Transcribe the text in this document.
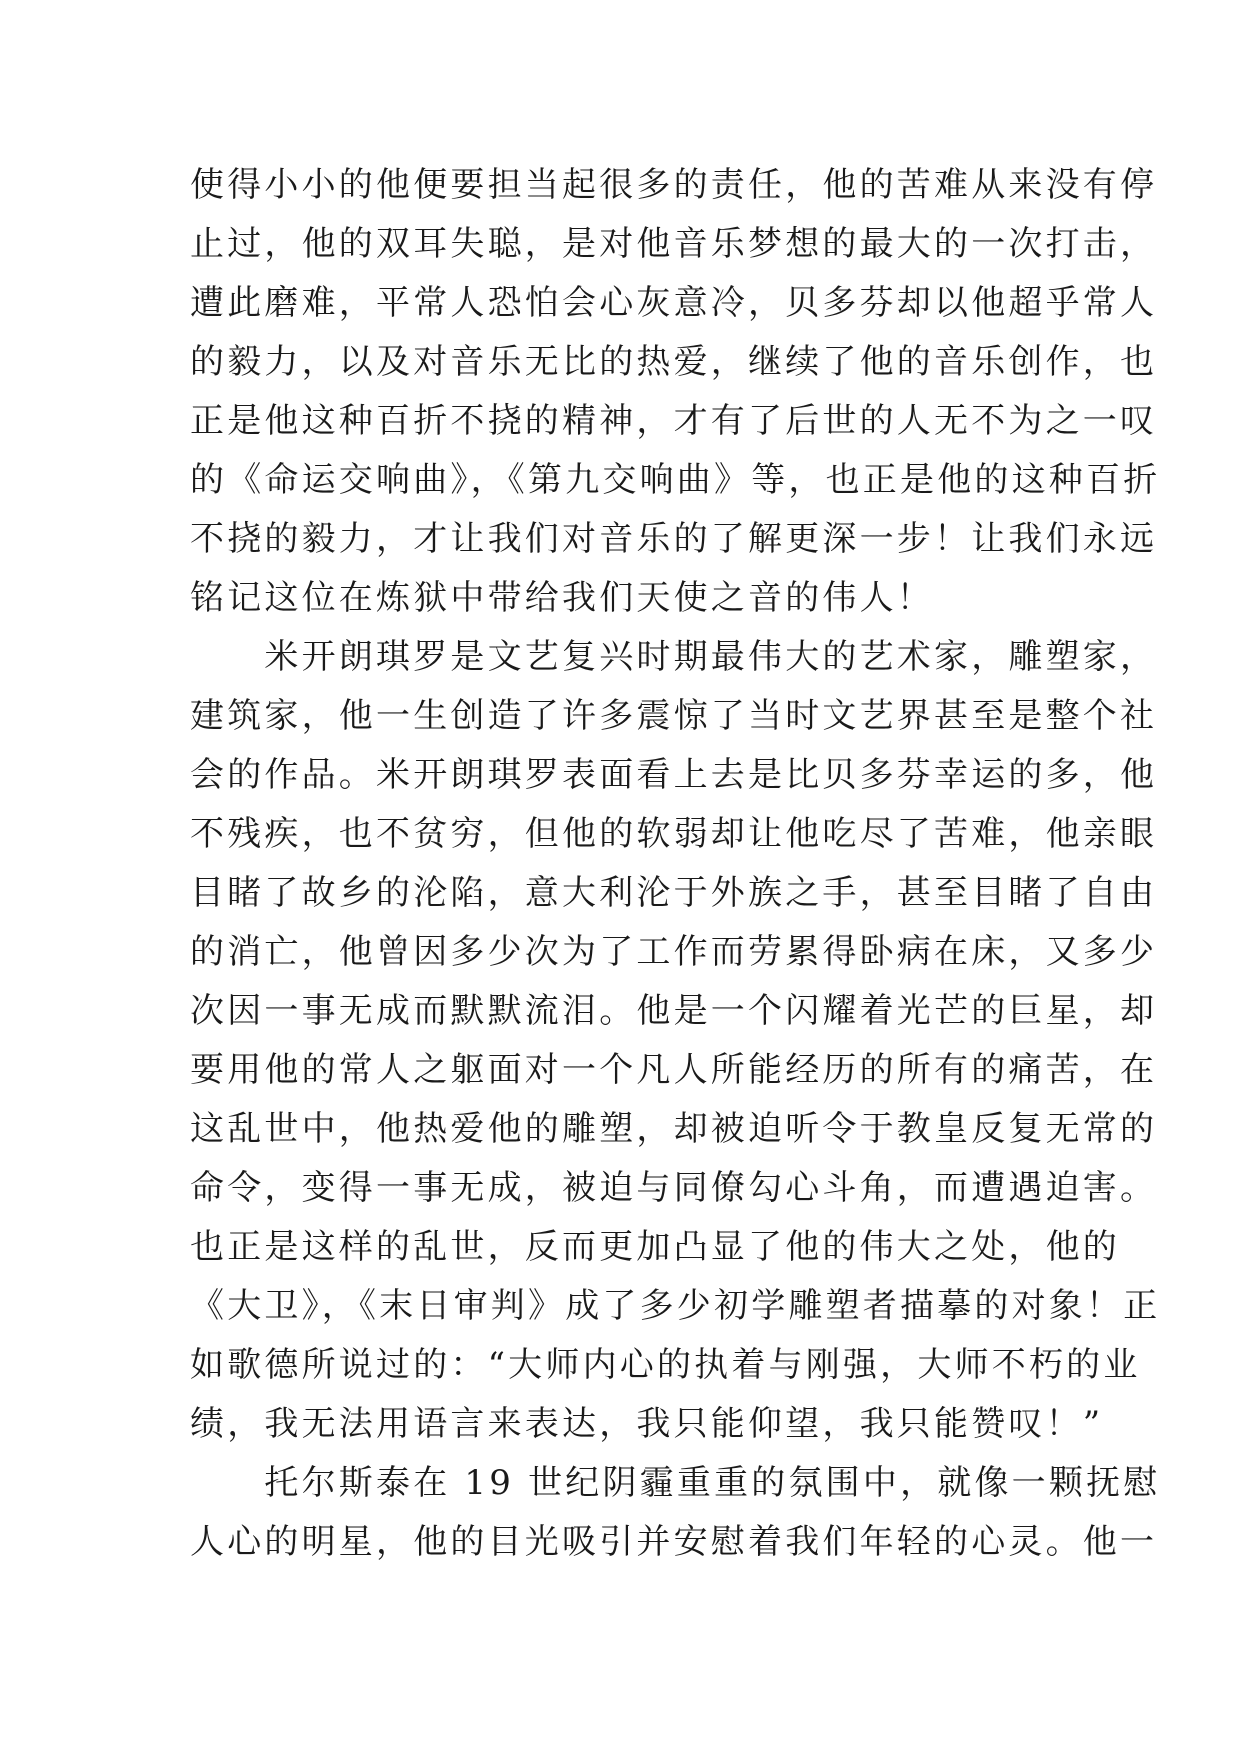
使得小小的他便要担当起很多的责任，他的苦难从来没有停
止过，他的双耳失聪，是对他音乐梦想的最大的一次打击，
遭此磨难，平常人恐怕会心灰意冷，贝多芬却以他超乎常人
的毅力，以及对音乐无比的热爱，继续了他的音乐创作，也
正是他这种百折不挠的精神，才有了后世的人无不为之一叹
的《命运交响曲》，《第九交响曲》等，也正是他的这种百折
不挠的毅力，才让我们对音乐的了解更深一步！让我们永远
铭记这位在炼狱中带给我们天使之音的伟人！
　　米开朗琪罗是文艺复兴时期最伟大的艺术家，雕塑家，
建筑家，他一生创造了许多震惊了当时文艺界甚至是整个社
会的作品。米开朗琪罗表面看上去是比贝多芬幸运的多，他
不残疾，也不贫穷，但他的软弱却让他吃尽了苦难，他亲眼
目睹了故乡的沦陷，意大利沦于外族之手，甚至目睹了自由
的消亡，他曾因多少次为了工作而劳累得卧病在床，又多少
次因一事无成而默默流泪。他是一个闪耀着光芒的巨星，却
要用他的常人之躯面对一个凡人所能经历的所有的痛苦，在
这乱世中，他热爱他的雕塑，却被迫听令于教皇反复无常的
命令，变得一事无成，被迫与同僚勾心斗角，而遭遇迫害。
也正是这样的乱世，反而更加凸显了他的伟大之处，他的
《大卫》，《末日审判》成了多少初学雕塑者描摹的对象！正
如歌德所说过的：“大师内心的执着与刚强，大师不朽的业
绩，我无法用语言来表达，我只能仰望，我只能赞叹！”
　　托尔斯泰在 19 世纪阴霾重重的氛围中，就像一颗抚慰
人心的明星，他的目光吸引并安慰着我们年轻的心灵。他一
